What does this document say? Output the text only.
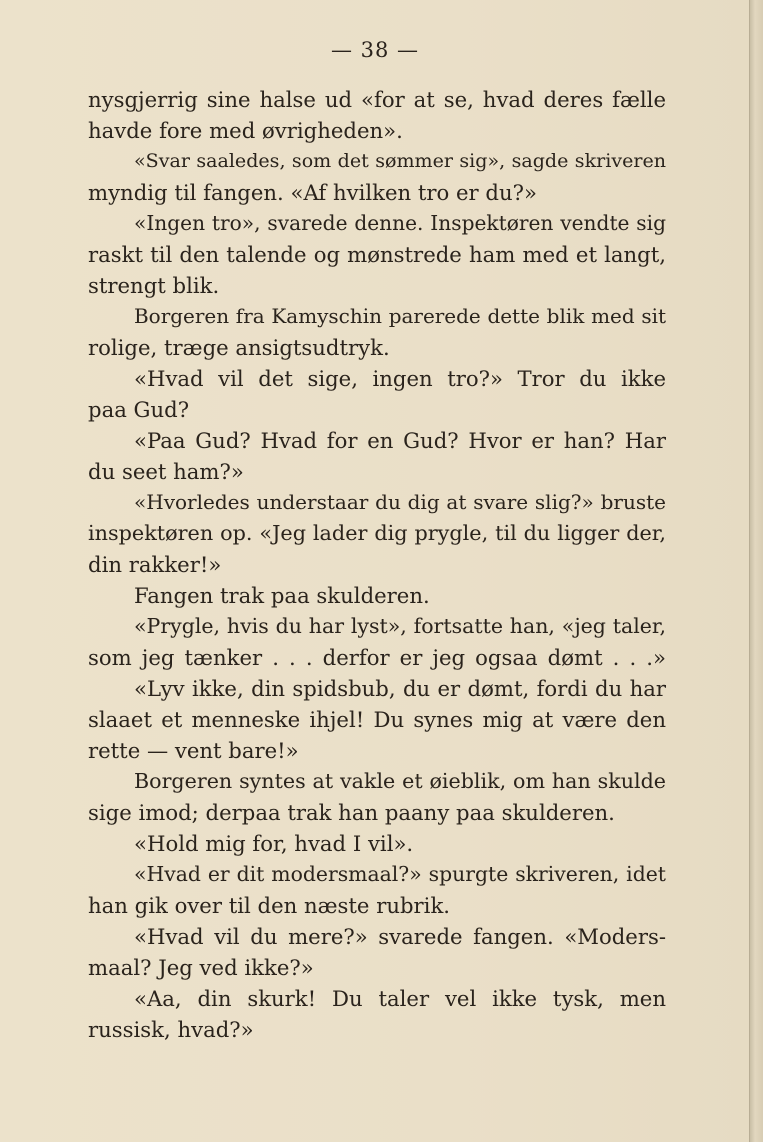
— 38 —
nysgjerrig sine halse ud «for at se, hvad deres fælle
havde fore med øvrigheden».
«Svar saaledes, som det sømmer sig», sagde skriveren
myndig til fangen. «Af hvilken tro er du?»
«Ingen tro», svarede denne. Inspektøren vendte sig
raskt til den talende og mønstrede ham med et langt,
strengt blik.
Borgeren fra Kamyschin parerede dette blik med sit
rolige, træge ansigtsudtryk.
«Hvad vil det sige, ingen tro?» Tror du ikke
paa Gud?
«Paa Gud? Hvad for en Gud? Hvor er han? Har
du seet ham?»
«Hvorledes understaar du dig at svare slig?» bruste
inspektøren op. «Jeg lader dig prygle, til du ligger der,
din rakker!»
Fangen trak paa skulderen.
«Prygle, hvis du har lyst», fortsatte han, «jeg taler,
som jeg tænker . . . derfor er jeg ogsaa dømt . . .»
«Lyv ikke, din spidsbub, du er dømt, fordi du har
slaaet et menneske ihjel! Du synes mig at være den
rette — vent bare!»
Borgeren syntes at vakle et øieblik, om han skulde
sige imod; derpaa trak han paany paa skulderen.
«Hold mig for, hvad I vil».
«Hvad er dit modersmaal?» spurgte skriveren, idet
han gik over til den næste rubrik.
«Hvad vil du mere?» svarede fangen. «Moders-
maal? Jeg ved ikke?»
«Aa, din skurk! Du taler vel ikke tysk, men
russisk, hvad?»
